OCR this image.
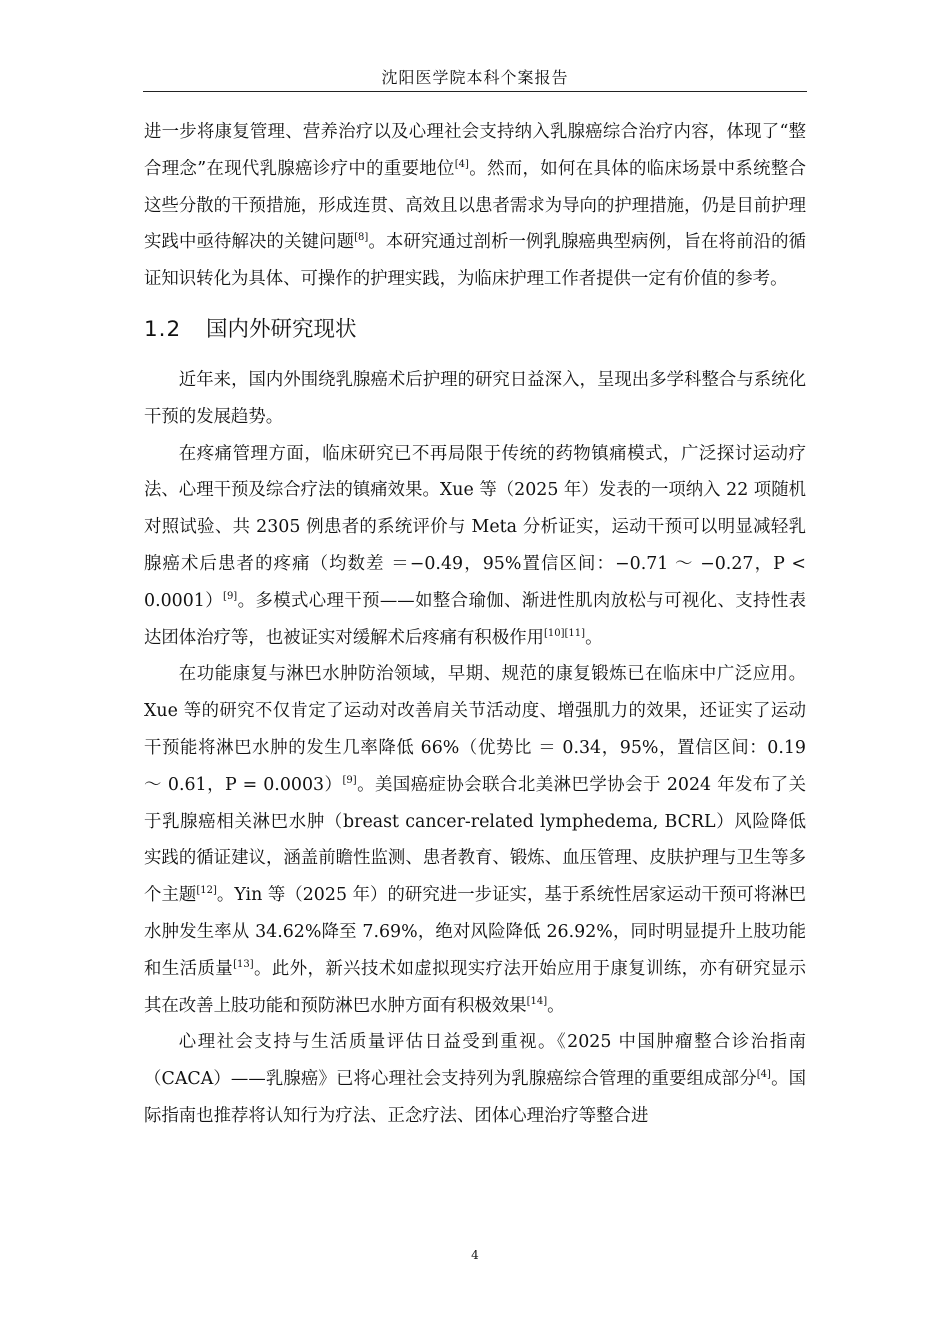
沈阳医学院本科个案报告

进一步将康复管理、营养治疗以及心理社会支持纳入乳腺癌综合治疗内容，体现了“整合理念”在现代乳腺癌诊疗中的重要地位[4]。然而，如何在具体的临床场景中系统整合这些分散的干预措施，形成连贯、高效且以患者需求为导向的护理措施，仍是目前护理实践中亟待解决的关键问题[8]。本研究通过剖析一例乳腺癌典型病例，旨在将前沿的循证知识转化为具体、可操作的护理实践，为临床护理工作者提供一定有价值的参考。

1.2 国内外研究现状

近年来，国内外围绕乳腺癌术后护理的研究日益深入，呈现出多学科整合与系统化干预的发展趋势。

在疼痛管理方面，临床研究已不再局限于传统的药物镇痛模式，广泛探讨运动疗法、心理干预及综合疗法的镇痛效果。Xue 等（2025 年）发表的一项纳入 22 项随机对照试验、共 2305 例患者的系统评价与 Meta 分析证实，运动干预可以明显减轻乳腺癌术后患者的疼痛（均数差 ＝−0.49，95%置信区间：−0.71 ～ −0.27，P < 0.0001）[9]。多模式心理干预——如整合瑜伽、渐进性肌肉放松与可视化、支持性表达团体治疗等，也被证实对缓解术后疼痛有积极作用[10][11]。

在功能康复与淋巴水肿防治领域，早期、规范的康复锻炼已在临床中广泛应用。Xue 等的研究不仅肯定了运动对改善肩关节活动度、增强肌力的效果，还证实了运动干预能将淋巴水肿的发生几率降低 66%（优势比 ＝ 0.34，95%，置信区间：0.19 ～ 0.61，P = 0.0003）[9]。美国癌症协会联合北美淋巴学协会于 2024 年发布了关于乳腺癌相关淋巴水肿（breast cancer-related lymphedema, BCRL）风险降低实践的循证建议，涵盖前瞻性监测、患者教育、锻炼、血压管理、皮肤护理与卫生等多个主题[12]。Yin 等（2025 年）的研究进一步证实，基于系统性居家运动干预可将淋巴水肿发生率从 34.62%降至 7.69%，绝对风险降低 26.92%，同时明显提升上肢功能和生活质量[13]。此外，新兴技术如虚拟现实疗法开始应用于康复训练，亦有研究显示其在改善上肢功能和预防淋巴水肿方面有积极效果[14]。

心理社会支持与生活质量评估日益受到重视。《2025 中国肿瘤整合诊治指南（CACA）——乳腺癌》已将心理社会支持列为乳腺癌综合管理的重要组成部分[4]。国际指南也推荐将认知行为疗法、正念疗法、团体心理治疗等整合进

4
